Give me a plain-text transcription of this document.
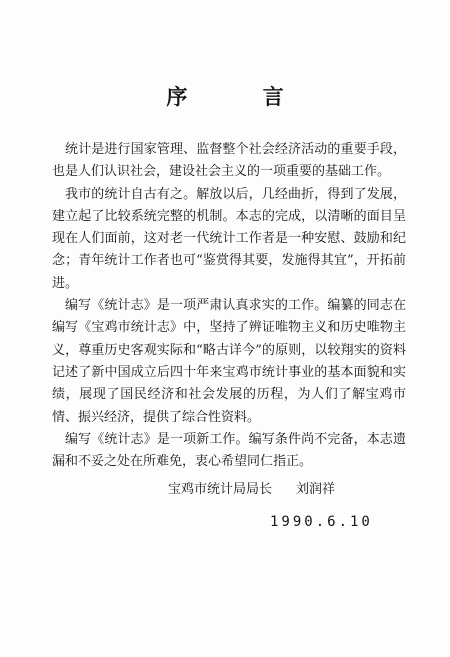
序 言

统计是进行国家管理、监督整个社会经济活动的重要手段，也是人们认识社会，建设社会主义的一项重要的基础工作。

我市的统计自古有之。解放以后，几经曲折，得到了发展，建立起了比较系统完整的机制。本志的完成，以清晰的面目呈现在人们面前，这对老一代统计工作者是一种安慰、鼓励和纪念；青年统计工作者也可“鉴赏得其要，发施得其宜”，开拓前进。

编写《统计志》是一项严肃认真求实的工作。编纂的同志在编写《宝鸡市统计志》中，坚持了辨证唯物主义和历史唯物主义，尊重历史客观实际和“略古详今”的原则，以较翔实的资料记述了新中国成立后四十年来宝鸡市统计事业的基本面貌和实绩，展现了国民经济和社会发展的历程，为人们了解宝鸡市情、振兴经济，提供了综合性资料。

编写《统计志》是一项新工作。编写条件尚不完备，本志遗漏和不妥之处在所难免，衷心希望同仁指正。

宝鸡市统计局局长 刘润祥
1990.6.10
